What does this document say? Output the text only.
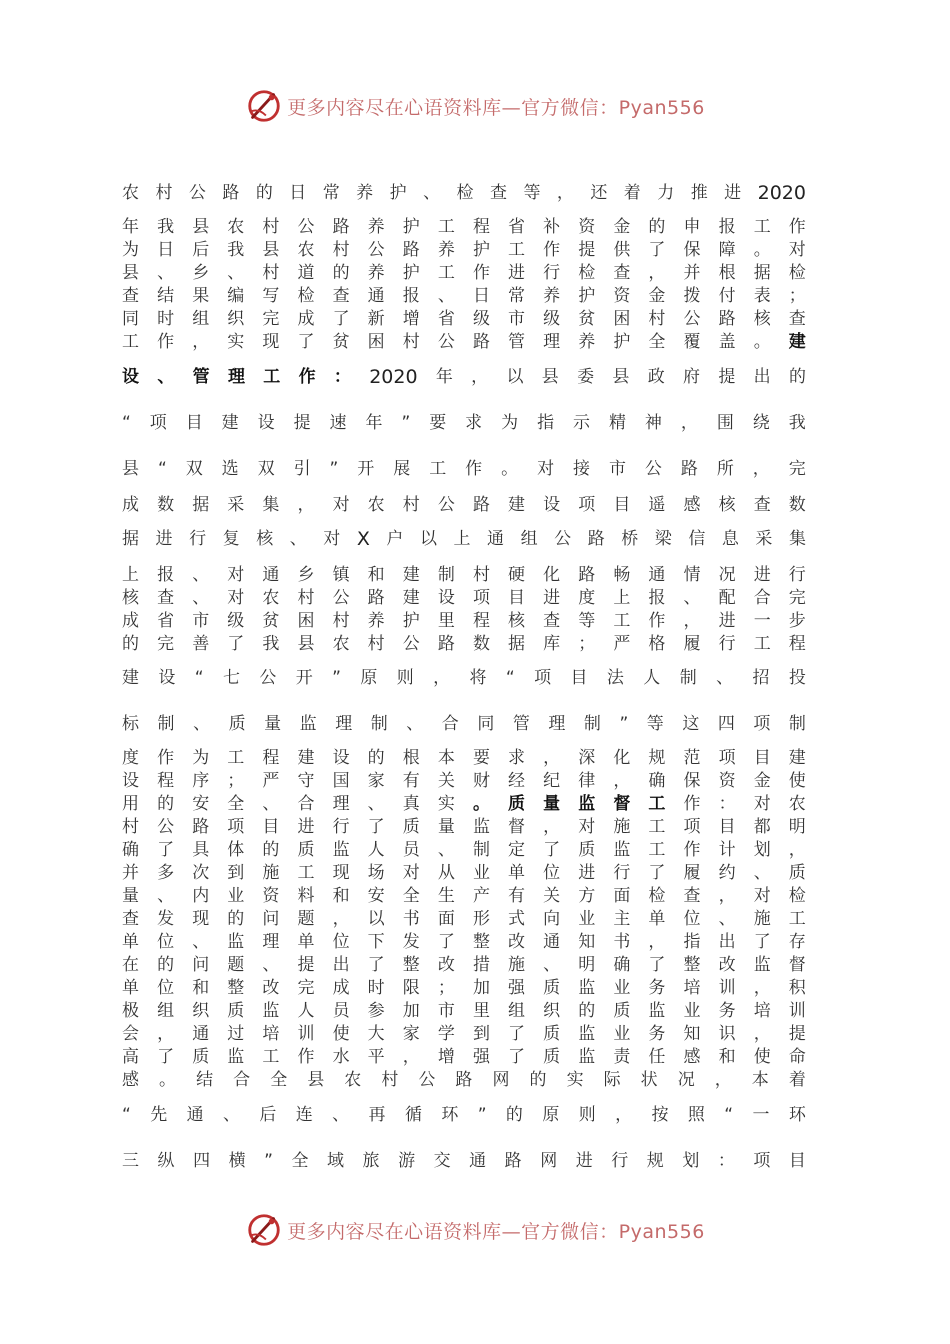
更多内容尽在心语资料库—官方微信：Pyan556
农 村 公 路 的 日 常 养 护 、 检 查 等 ， 还 着 力 推 进 2020
年 我 县 农 村 公 路 养 护 工 程 省 补 资 金 的 申 报 工 作
为 日 后 我 县 农 村 公 路 养 护 工 作 提 供 了 保 障 。 对
县 、 乡 、 村 道 的 养 护 工 作 进 行 检 查 ， 并 根 据 检
查 结 果 编 写 检 查 通 报 、 日 常 养 护 资 金 拨 付 表 ；
同 时 组 织 完 成 了 新 增 省 级 市 级 贫 困 村 公 路 核 查
工 作 ， 实 现 了 贫 困 村 公 路 管 理 养 护 全 覆 盖 。 建
设 、 管 理 工 作 ： 2020 年 ， 以 县 委 县 政 府 提 出 的
“ 项 目 建 设 提 速 年 ” 要 求 为 指 示 精 神 ， 围 绕 我
县 “ 双 选 双 引 ” 开 展 工 作 。 对 接 市 公 路 所 ， 完
成 数 据 采 集 ， 对 农 村 公 路 建 设 项 目 遥 感 核 查 数
据 进 行 复 核 、 对 X 户 以 上 通 组 公 路 桥 梁 信 息 采 集
上 报 、 对 通 乡 镇 和 建 制 村 硬 化 路 畅 通 情 况 进 行
核 查 、 对 农 村 公 路 建 设 项 目 进 度 上 报 、 配 合 完
成 省 市 级 贫 困 村 养 护 里 程 核 查 等 工 作 ， 进 一 步
的 完 善 了 我 县 农 村 公 路 数 据 库 ； 严 格 履 行 工 程
建 设 “ 七 公 开 ” 原 则 ， 将 “ 项 目 法 人 制 、 招 投
标 制 、 质 量 监 理 制 、 合 同 管 理 制 ” 等 这 四 项 制
度 作 为 工 程 建 设 的 根 本 要 求 ， 深 化 规 范 项 目 建
设 程 序 ； 严 守 国 家 有 关 财 经 纪 律 ， 确 保 资 金 使
用 的 安 全 、 合 理 、 真 实 。 质 量 监 督 工 作 ： 对 农
村 公 路 项 目 进 行 了 质 量 监 督 ， 对 施 工 项 目 都 明
确 了 具 体 的 质 监 人 员 、 制 定 了 质 监 工 作 计 划 ，
并 多 次 到 施 工 现 场 对 从 业 单 位 进 行 了 履 约 、 质
量 、 内 业 资 料 和 安 全 生 产 有 关 方 面 检 查 ， 对 检
查 发 现 的 问 题 ， 以 书 面 形 式 向 业 主 单 位 、 施 工
单 位 、 监 理 单 位 下 发 了 整 改 通 知 书 ， 指 出 了 存
在 的 问 题 、 提 出 了 整 改 措 施 、 明 确 了 整 改 监 督
单 位 和 整 改 完 成 时 限 ； 加 强 质 监 业 务 培 训 ， 积
极 组 织 质 监 人 员 参 加 市 里 组 织 的 质 监 业 务 培 训
会 ， 通 过 培 训 使 大 家 学 到 了 质 监 业 务 知 识 ， 提
高 了 质 监 工 作 水 平 ， 增 强 了 质 监 责 任 感 和 使 命
感 。 结 合 全 县 农 村 公 路 网 的 实 际 状 况 ， 本 着
“ 先 通 、 后 连 、 再 循 环 ” 的 原 则 ， 按 照 “ 一 环
三 纵 四 横 ” 全 域 旅 游 交 通 路 网 进 行 规 划 ： 项 目
更多内容尽在心语资料库—官方微信：Pyan556
